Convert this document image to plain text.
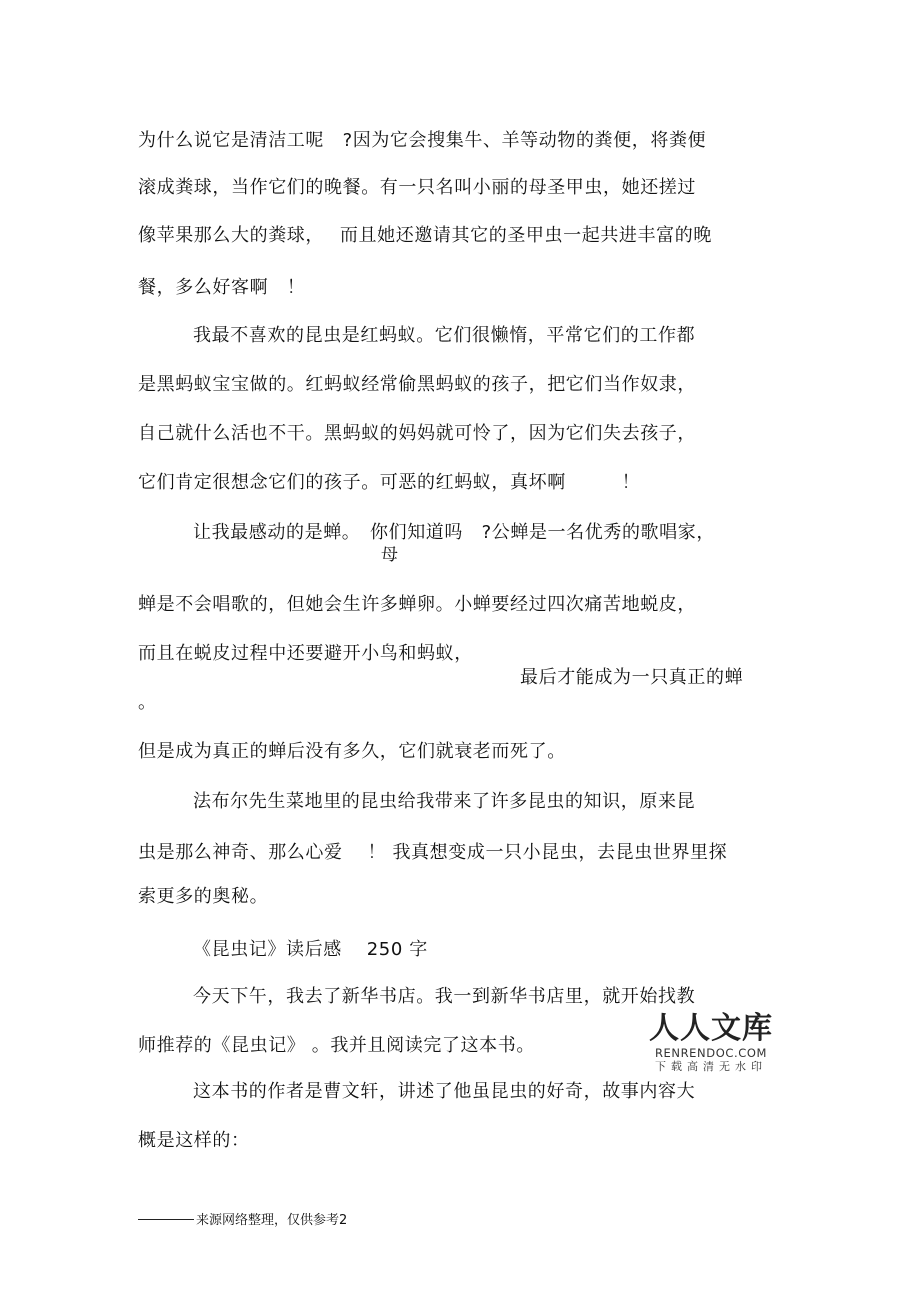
为什么说它是清洁工呢　?因为它会搜集牛、羊等动物的粪便，将粪便
滚成粪球，当作它们的晚餐。有一只名叫小丽的母圣甲虫，她还搓过
像苹果那么大的粪球，　 而且她还邀请其它的圣甲虫一起共进丰富的晚
餐，多么好客啊　！
我最不喜欢的昆虫是红蚂蚁。它们很懒惰，平常它们的工作都
是黑蚂蚁宝宝做的。红蚂蚁经常偷黑蚂蚁的孩子，把它们当作奴隶，
自己就什么活也不干。黑蚂蚁的妈妈就可怜了，因为它们失去孩子，
它们肯定很想念它们的孩子。可恶的红蚂蚁，真坏啊　　　！
让我最感动的是蝉。　你们知道吗　?公蝉是一名优秀的歌唱家，
母
蝉是不会唱歌的，但她会生许多蝉卵。小蝉要经过四次痛苦地蜕皮，
而且在蜕皮过程中还要避开小鸟和蚂蚁，
最后才能成为一只真正的蝉
。
但是成为真正的蝉后没有多久，它们就衰老而死了。
法布尔先生菜地里的昆虫给我带来了许多昆虫的知识，原来昆
虫是那么神奇、那么心爱　 ！ 我真想变成一只小昆虫，去昆虫世界里探
索更多的奥秘。
《昆虫记》读后感　 250 字
今天下午，我去了新华书店。我一到新华书店里，就开始找教
师推荐的《昆虫记》 。我并且阅读完了这本书。
这本书的作者是曹文轩，讲述了他虽昆虫的好奇，故事内容大
概是这样的：
来源网络整理，仅供参考2
人人文库
RENRENDOC.COM
下载高清无水印
